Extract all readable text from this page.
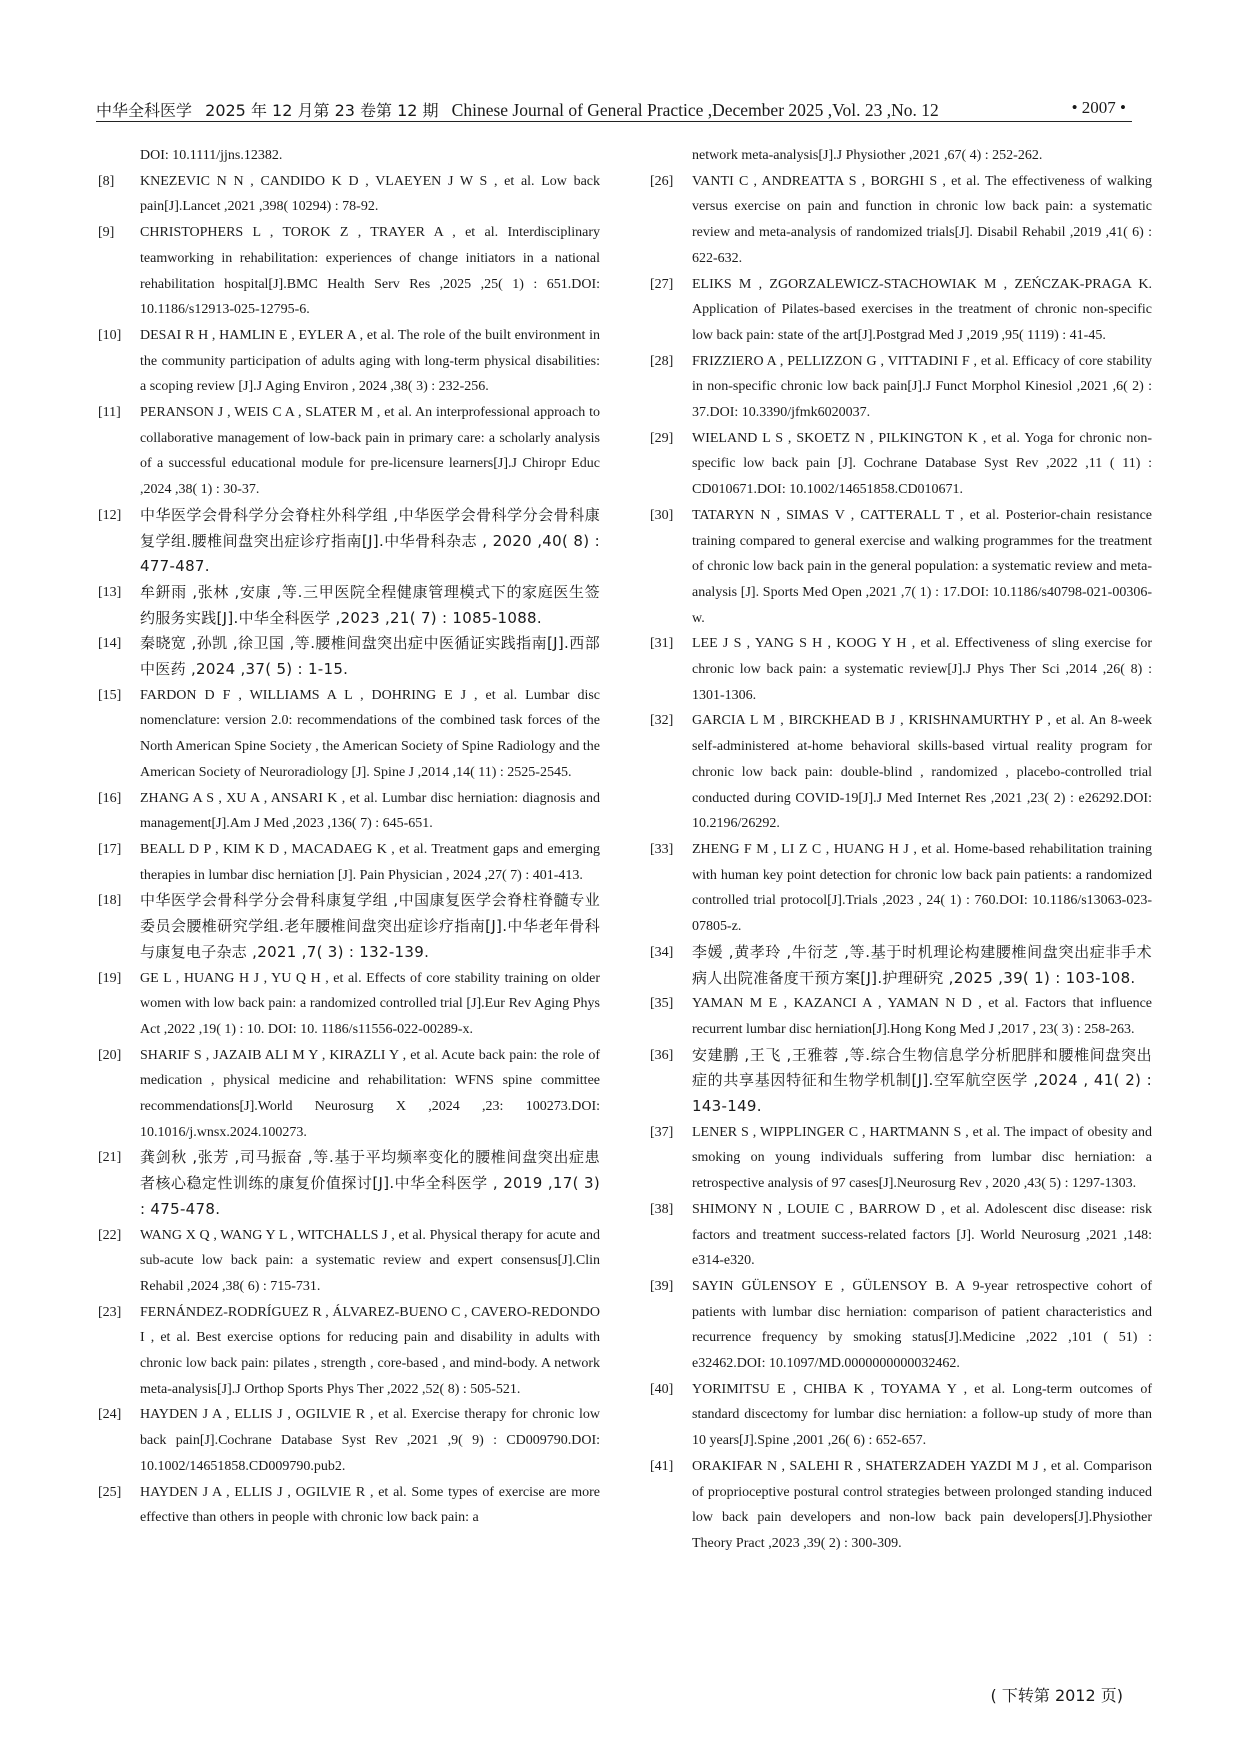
中华全科医学 2025 年 12 月第 23 卷第 12 期 Chinese Journal of General Practice ,December 2025 ,Vol. 23 ,No. 12	• 2007 •
DOI: 10.1111/jjns.12382.
[8] KNEZEVIC N N , CANDIDO K D , VLAEYEN J W S , et al. Low back pain[J].Lancet ,2021 ,398( 10294) : 78-92.
[9] CHRISTOPHERS L , TOROK Z , TRAYER A , et al. Interdisciplinary teamworking in rehabilitation: experiences of change initiators in a national rehabilitation hospital[J].BMC Health Serv Res ,2025 ,25( 1) : 651.DOI: 10.1186/s12913-025-12795-6.
[10] DESAI R H , HAMLIN E , EYLER A , et al. The role of the built environment in the community participation of adults aging with long-term physical disabilities: a scoping review [J].J Aging Environ , 2024 ,38( 3) : 232-256.
[11] PERANSON J , WEIS C A , SLATER M , et al. An interprofessional approach to collaborative management of low-back pain in primary care: a scholarly analysis of a successful educational module for pre-licensure learners[J].J Chiropr Educ ,2024 ,38( 1) : 30-37.
[12] 中华医学会骨科学分会脊柱外科学组 ,中华医学会骨科学分会骨科康复学组.腰椎间盘突出症诊疗指南[J].中华骨科杂志 , 2020 ,40( 8) : 477-487.
[13] 牟鈃雨 ,张林 ,安康 ,等.三甲医院全程健康管理模式下的家庭医生签约服务实践[J].中华全科医学 ,2023 ,21( 7) : 1085-1088.
[14] 秦晓宽 ,孙凯 ,徐卫国 ,等.腰椎间盘突出症中医循证实践指南[J].西部中医药 ,2024 ,37( 5) : 1-15.
[15] FARDON D F , WILLIAMS A L , DOHRING E J , et al. Lumbar disc nomenclature: version 2.0: recommendations of the combined task forces of the North American Spine Society , the American Society of Spine Radiology and the American Society of Neuroradiology [J]. Spine J ,2014 ,14( 11) : 2525-2545.
[16] ZHANG A S , XU A , ANSARI K , et al. Lumbar disc herniation: diagnosis and management[J].Am J Med ,2023 ,136( 7) : 645-651.
[17] BEALL D P , KIM K D , MACADAEG K , et al. Treatment gaps and emerging therapies in lumbar disc herniation [J]. Pain Physician , 2024 ,27( 7) : 401-413.
[18] 中华医学会骨科学分会骨科康复学组 ,中国康复医学会脊柱脊髓专业委员会腰椎研究学组.老年腰椎间盘突出症诊疗指南[J].中华老年骨科与康复电子杂志 ,2021 ,7( 3) : 132-139.
[19] GE L , HUANG H J , YU Q H , et al. Effects of core stability training on older women with low back pain: a randomized controlled trial [J].Eur Rev Aging Phys Act ,2022 ,19( 1) : 10. DOI: 10. 1186/s11556-022-00289-x.
[20] SHARIF S , JAZAIB ALI M Y , KIRAZLI Y , et al. Acute back pain: the role of medication , physical medicine and rehabilitation: WFNS spine committee recommendations[J].World Neurosurg X ,2024 ,23: 100273.DOI: 10.1016/j.wnsx.2024.100273.
[21] 龚剑秋 ,张芳 ,司马振奋 ,等.基于平均频率变化的腰椎间盘突出症患者核心稳定性训练的康复价值探讨[J].中华全科医学 , 2019 ,17( 3) : 475-478.
[22] WANG X Q , WANG Y L , WITCHALLS J , et al. Physical therapy for acute and sub-acute low back pain: a systematic review and expert consensus[J].Clin Rehabil ,2024 ,38( 6) : 715-731.
[23] FERNÁNDEZ-RODRÍGUEZ R , ÁLVAREZ-BUENO C , CAVERO-REDONDO I , et al. Best exercise options for reducing pain and disability in adults with chronic low back pain: pilates , strength , core-based , and mind-body. A network meta-analysis[J].J Orthop Sports Phys Ther ,2022 ,52( 8) : 505-521.
[24] HAYDEN J A , ELLIS J , OGILVIE R , et al. Exercise therapy for chronic low back pain[J].Cochrane Database Syst Rev ,2021 ,9( 9) : CD009790.DOI: 10.1002/14651858.CD009790.pub2.
[25] HAYDEN J A , ELLIS J , OGILVIE R , et al. Some types of exercise are more effective than others in people with chronic low back pain: a
network meta-analysis[J].J Physiother ,2021 ,67( 4) : 252-262.
[26] VANTI C , ANDREATTA S , BORGHI S , et al. The effectiveness of walking versus exercise on pain and function in chronic low back pain: a systematic review and meta-analysis of randomized trials[J]. Disabil Rehabil ,2019 ,41( 6) : 622-632.
[27] ELIKS M , ZGORZALEWICZ-STACHOWIAK M , ZEŃCZAK-PRAGA K. Application of Pilates-based exercises in the treatment of chronic non-specific low back pain: state of the art[J].Postgrad Med J ,2019 ,95( 1119) : 41-45.
[28] FRIZZIERO A , PELLIZZON G , VITTADINI F , et al. Efficacy of core stability in non-specific chronic low back pain[J].J Funct Morphol Kinesiol ,2021 ,6( 2) : 37.DOI: 10.3390/jfmk6020037.
[29] WIELAND L S , SKOETZ N , PILKINGTON K , et al. Yoga for chronic non-specific low back pain [J]. Cochrane Database Syst Rev ,2022 ,11 ( 11) : CD010671.DOI: 10.1002/14651858.CD010671.
[30] TATARYN N , SIMAS V , CATTERALL T , et al. Posterior-chain resistance training compared to general exercise and walking programmes for the treatment of chronic low back pain in the general population: a systematic review and meta-analysis [J]. Sports Med Open ,2021 ,7( 1) : 17.DOI: 10.1186/s40798-021-00306-w.
[31] LEE J S , YANG S H , KOOG Y H , et al. Effectiveness of sling exercise for chronic low back pain: a systematic review[J].J Phys Ther Sci ,2014 ,26( 8) : 1301-1306.
[32] GARCIA L M , BIRCKHEAD B J , KRISHNAMURTHY P , et al. An 8-week self-administered at-home behavioral skills-based virtual reality program for chronic low back pain: double-blind , randomized , placebo-controlled trial conducted during COVID-19[J].J Med Internet Res ,2021 ,23( 2) : e26292.DOI: 10.2196/26292.
[33] ZHENG F M , LI Z C , HUANG H J , et al. Home-based rehabilitation training with human key point detection for chronic low back pain patients: a randomized controlled trial protocol[J].Trials ,2023 , 24( 1) : 760.DOI: 10.1186/s13063-023-07805-z.
[34] 李媛 ,黄孝玲 ,牛衍芝 ,等.基于时机理论构建腰椎间盘突出症非手术病人出院准备度干预方案[J].护理研究 ,2025 ,39( 1) : 103-108.
[35] YAMAN M E , KAZANCI A , YAMAN N D , et al. Factors that influence recurrent lumbar disc herniation[J].Hong Kong Med J ,2017 , 23( 3) : 258-263.
[36] 安建鹏 ,王飞 ,王雅蓉 ,等.综合生物信息学分析肥胖和腰椎间盘突出症的共享基因特征和生物学机制[J].空军航空医学 ,2024 , 41( 2) : 143-149.
[37] LENER S , WIPPLINGER C , HARTMANN S , et al. The impact of obesity and smoking on young individuals suffering from lumbar disc herniation: a retrospective analysis of 97 cases[J].Neurosurg Rev , 2020 ,43( 5) : 1297-1303.
[38] SHIMONY N , LOUIE C , BARROW D , et al. Adolescent disc disease: risk factors and treatment success-related factors [J]. World Neurosurg ,2021 ,148: e314-e320.
[39] SAYIN GÜLENSOY E , GÜLENSOY B. A 9-year retrospective cohort of patients with lumbar disc herniation: comparison of patient characteristics and recurrence frequency by smoking status[J].Medicine ,2022 ,101 ( 51) : e32462.DOI: 10.1097/MD.0000000000032462.
[40] YORIMITSU E , CHIBA K , TOYAMA Y , et al. Long-term outcomes of standard discectomy for lumbar disc herniation: a follow-up study of more than 10 years[J].Spine ,2001 ,26( 6) : 652-657.
[41] ORAKIFAR N , SALEHI R , SHATERZADEH YAZDI M J , et al. Comparison of proprioceptive postural control strategies between prolonged standing induced low back pain developers and non-low back pain developers[J].Physiother Theory Pract ,2023 ,39( 2) : 300-309.
( 下转第 2012 页)
